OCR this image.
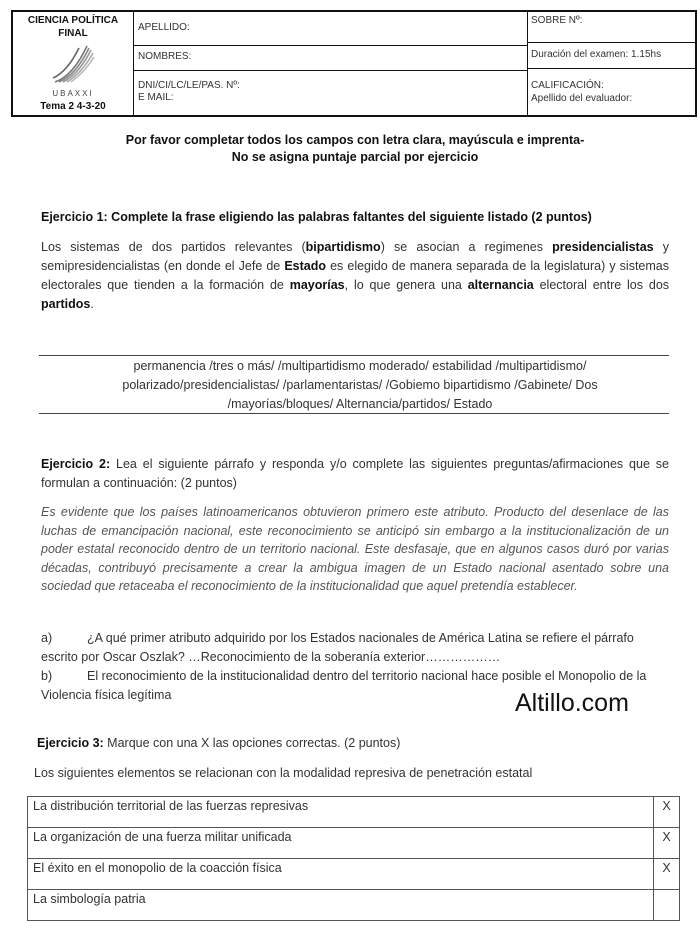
CIENCIA POLÍTICA
FINAL
UBAXXI
Tema 2 4-3-20
APELLIDO:
NOMBRES:
DNI/CI/LC/LE/PAS. Nº:
E MAIL:
SOBRE Nº:
Duración del examen: 1.15hs
CALIFICACIÓN:
Apellido del evaluador:
Por favor completar todos los campos con letra clara, mayúscula e imprenta-
No se asigna puntaje parcial por ejercicio
Ejercicio 1: Complete la frase eligiendo las palabras faltantes del siguiente listado (2 puntos)
Los sistemas de dos partidos relevantes (bipartidismo) se asocian a regimenes presidencialistas y semipresidencialistas (en donde el Jefe de Estado es elegido de manera separada de la legislatura) y sistemas electorales que tienden a la formación de mayorías, lo que genera una alternancia electoral entre los dos partidos.
permanencia /tres o más/ /multipartidismo moderado/ estabilidad /multipartidismo/ polarizado/presidencialistas/ /parlamentaristas/ /Gobiemo bipartidismo /Gabinete/ Dos /mayorías/bloques/ Alternancia/partidos/ Estado
Ejercicio 2: Lea el siguiente párrafo y responda y/o complete las siguientes preguntas/afirmaciones que se formulan a continuación: (2 puntos)
Es evidente que los países latinoamericanos obtuvieron primero este atributo. Producto del desenlace de las luchas de emancipación nacional, este reconocimiento se anticipó sin embargo a la institucionalización de un poder estatal reconocido dentro de un territorio nacional. Este desfasaje, que en algunos casos duró por varias décadas, contribuyó precisamente a crear la ambigua imagen de un Estado nacional asentado sobre una sociedad que retaceaba el reconocimiento de la institucionalidad que aquel pretendía establecer.
a)	¿A qué primer atributo adquirido por los Estados nacionales de América Latina se refiere el párrafo escrito por Oscar Oszlak? …Reconocimiento de la soberanía exterior………………
b)	El reconocimiento de la institucionalidad dentro del territorio nacional hace posible el Monopolio de la Violencia física legítima	Altillo.com
Ejercicio 3: Marque con una X las opciones correctas. (2 puntos)
Los siguientes elementos se relacionan con la modalidad represiva de penetración estatal
La distribución territorial de las fuerzas represivas	X
La organización de una fuerza militar unificada	X
El éxito en el monopolio de la coacción física	X
La simbología patria	
